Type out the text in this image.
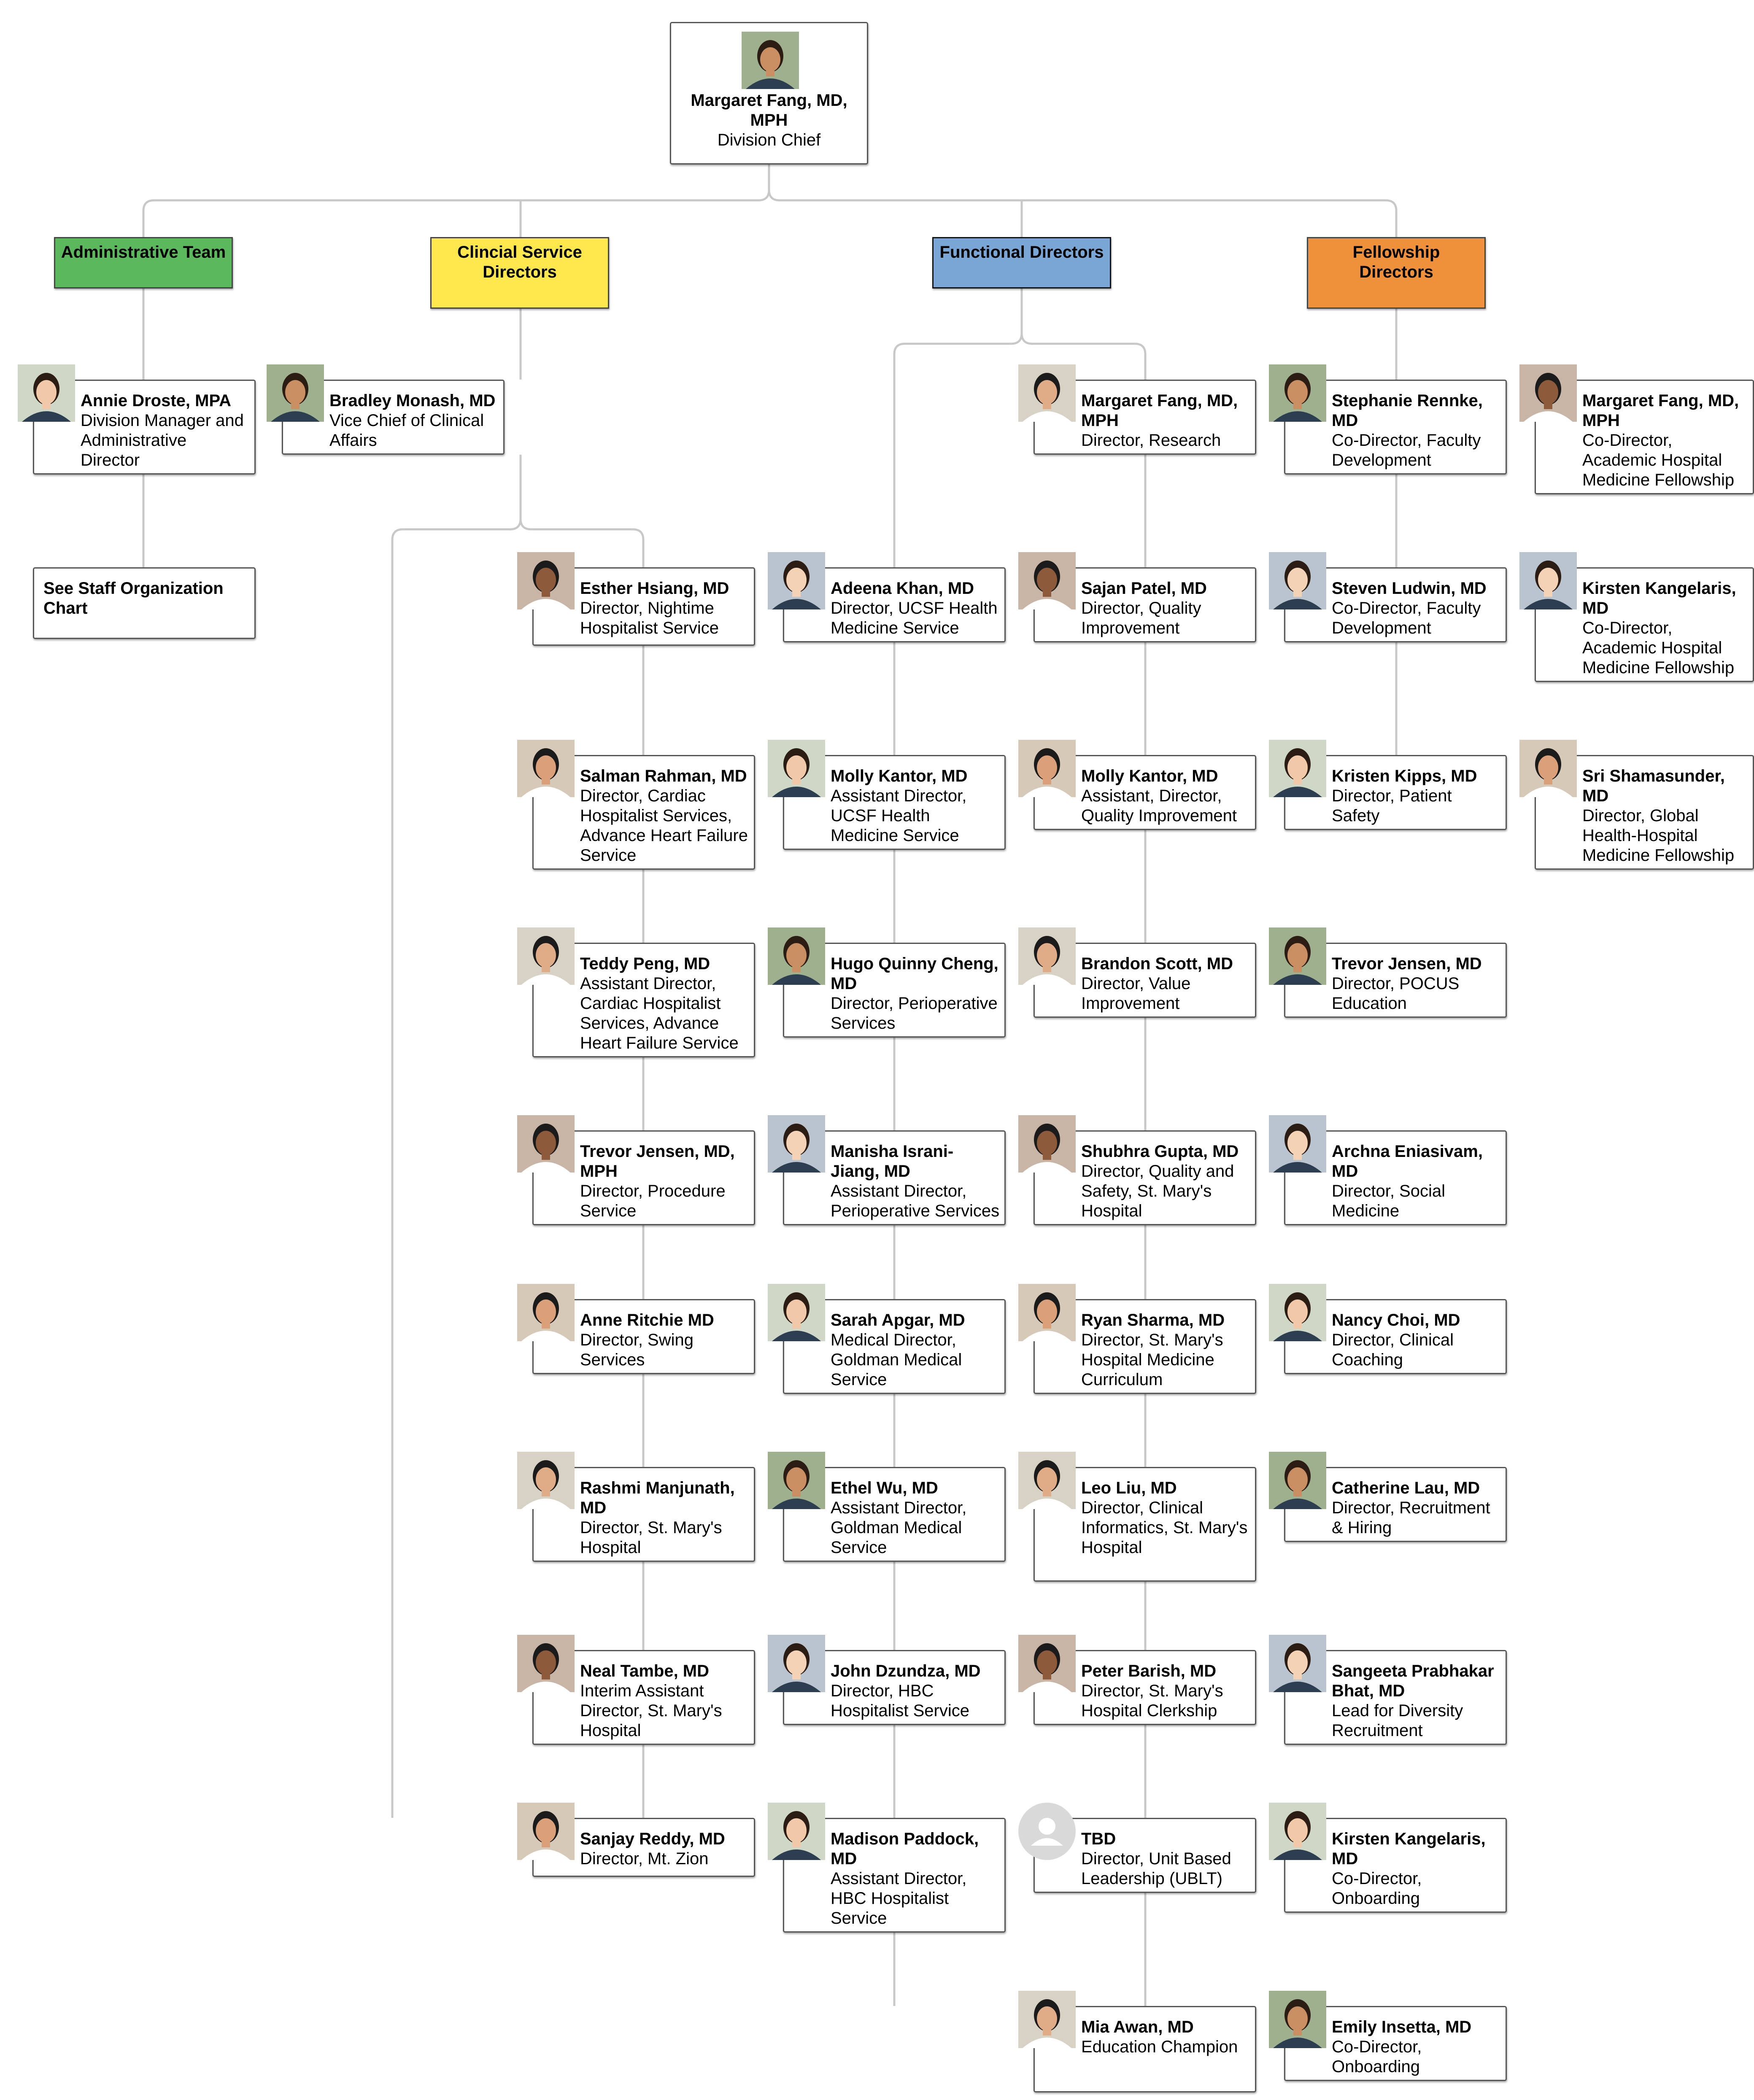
Margaret Fang, MD, MPH
Division Chief
Administrative Team	Clincial Service Directors
Functional Directors	Fellowship Directors
Annie Droste, MPA
Division Manager and Administrative Director
See Staff Organization Chart
Bradley Monash, MD
Vice Chief of Clinical Affairs
Esther Hsiang, MD
Director, Nightime Hospitalist Service
Adeena Khan, MD
Director, UCSF Health Medicine Service
Salman Rahman, MD
Director, Cardiac Hospitalist Services, Advance Heart Failure Service
Molly Kantor, MD
Assistant Director, UCSF Health Medicine Service
Teddy Peng, MD
Assistant Director, Cardiac Hospitalist Services, Advance Heart Failure Service
Hugo Quinny Cheng, MD
Director, Perioperative Services
Trevor Jensen, MD, MPH
Director, Procedure Service
Manisha Israni-Jiang, MD
Assistant Director, Perioperative Services
Anne Ritchie MD
Director, Swing Services
Sarah Apgar, MD
Medical Director, Goldman Medical Service
Rashmi Manjunath, MD
Director, St. Mary's Hospital
Ethel Wu, MD
Assistant Director, Goldman Medical Service
Neal Tambe, MD
Interim Assistant Director, St. Mary's Hospital
John Dzundza, MD
Director, HBC Hospitalist Service
Sanjay Reddy, MD
Director, Mt. Zion
Madison Paddock, MD
Assistant Director, HBC Hospitalist Service
Margaret Fang, MD, MPH
Director, Research
Stephanie Rennke, MD
Co-Director, Faculty Development
Sajan Patel, MD
Director, Quality Improvement
Steven Ludwin, MD
Co-Director, Faculty Development
Molly Kantor, MD
Assistant, Director, Quality Improvement
Kristen Kipps, MD
Director, Patient Safety
Brandon Scott, MD
Director, Value Improvement
Trevor Jensen, MD
Director, POCUS Education
Shubhra Gupta, MD
Director, Quality and Safety, St. Mary's Hospital
Archna Eniasivam, MD
Director, Social Medicine
Ryan Sharma, MD
Director, St. Mary's Hospital Medicine Curriculum
Nancy Choi, MD
Director, Clinical Coaching
Leo Liu, MD
Director, Clinical Informatics, St. Mary's Hospital
Catherine Lau, MD
Director, Recruitment & Hiring
Peter Barish, MD
Director, St. Mary's Hospital Clerkship
Sangeeta Prabhakar Bhat, MD
Lead for Diversity Recruitment
TBD
Director, Unit Based Leadership (UBLT)
Kirsten Kangelaris, MD
Co-Director, Onboarding
Mia Awan, MD
Education Champion
Emily Insetta, MD
Co-Director, Onboarding
Margaret Fang, MD, MPH
Co-Director, Academic Hospital Medicine Fellowship
Kirsten Kangelaris, MD
Co-Director, Academic Hospital Medicine Fellowship
Sri Shamasunder, MD
Director, Global Health-Hospital Medicine Fellowship
